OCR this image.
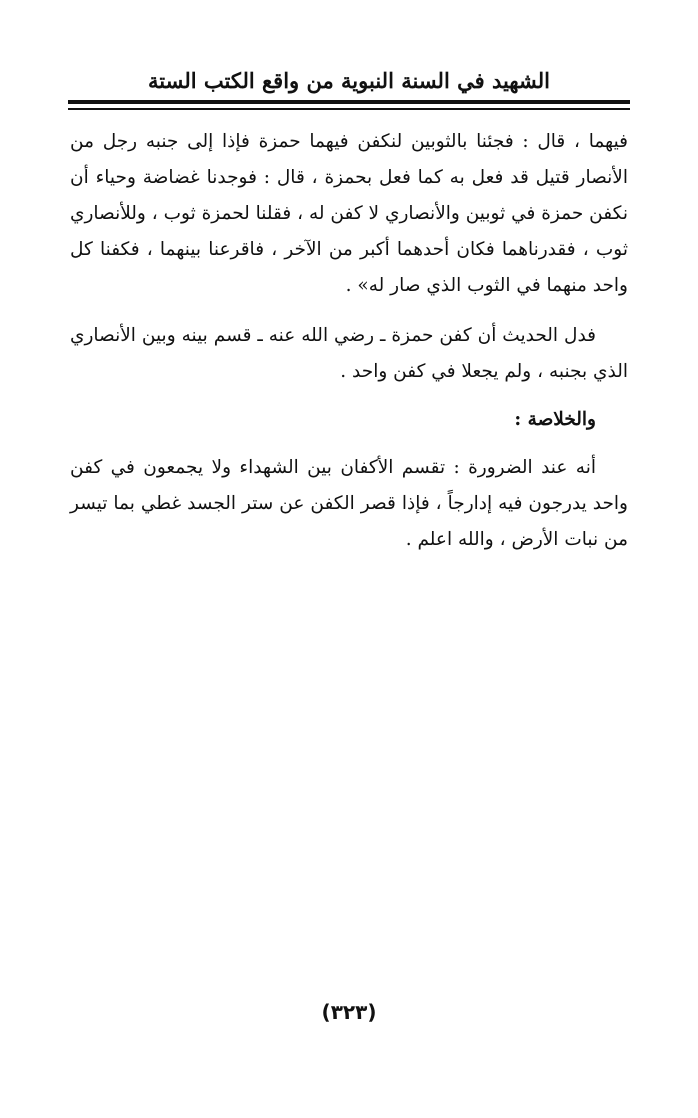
الشهيد في السنة النبوية من واقع الكتب الستة

فيهما ، قال : فجئنا بالثوبين لنكفن فيهما حمزة فإذا إلى جنبه رجل من الأنصار قتيل قد فعل به كما فعل بحمزة ، قال : فوجدنا غضاضة وحياء أن نكفن حمزة في ثوبين والأنصاري لا كفن له ، فقلنا لحمزة ثوب ، وللأنصاري ثوب ، فقدرناهما فكان أحدهما أكبر من الآخر ، فاقرعنا بينهما ، فكفنا كل واحد منهما في الثوب الذي صار له» .

فدل الحديث أن كفن حمزة ـ رضي الله عنه ـ قسم بينه وبين الأنصاري الذي بجنبه ، ولم يجعلا في كفن واحد .

والخلاصة :

أنه عند الضرورة : تقسم الأكفان بين الشهداء ولا يجمعون في كفن واحد يدرجون فيه إدارجاً ، فإذا قصر الكفن عن ستر الجسد غطي بما تيسر من نبات الأرض ، والله اعلم .

(٣٢٣)
